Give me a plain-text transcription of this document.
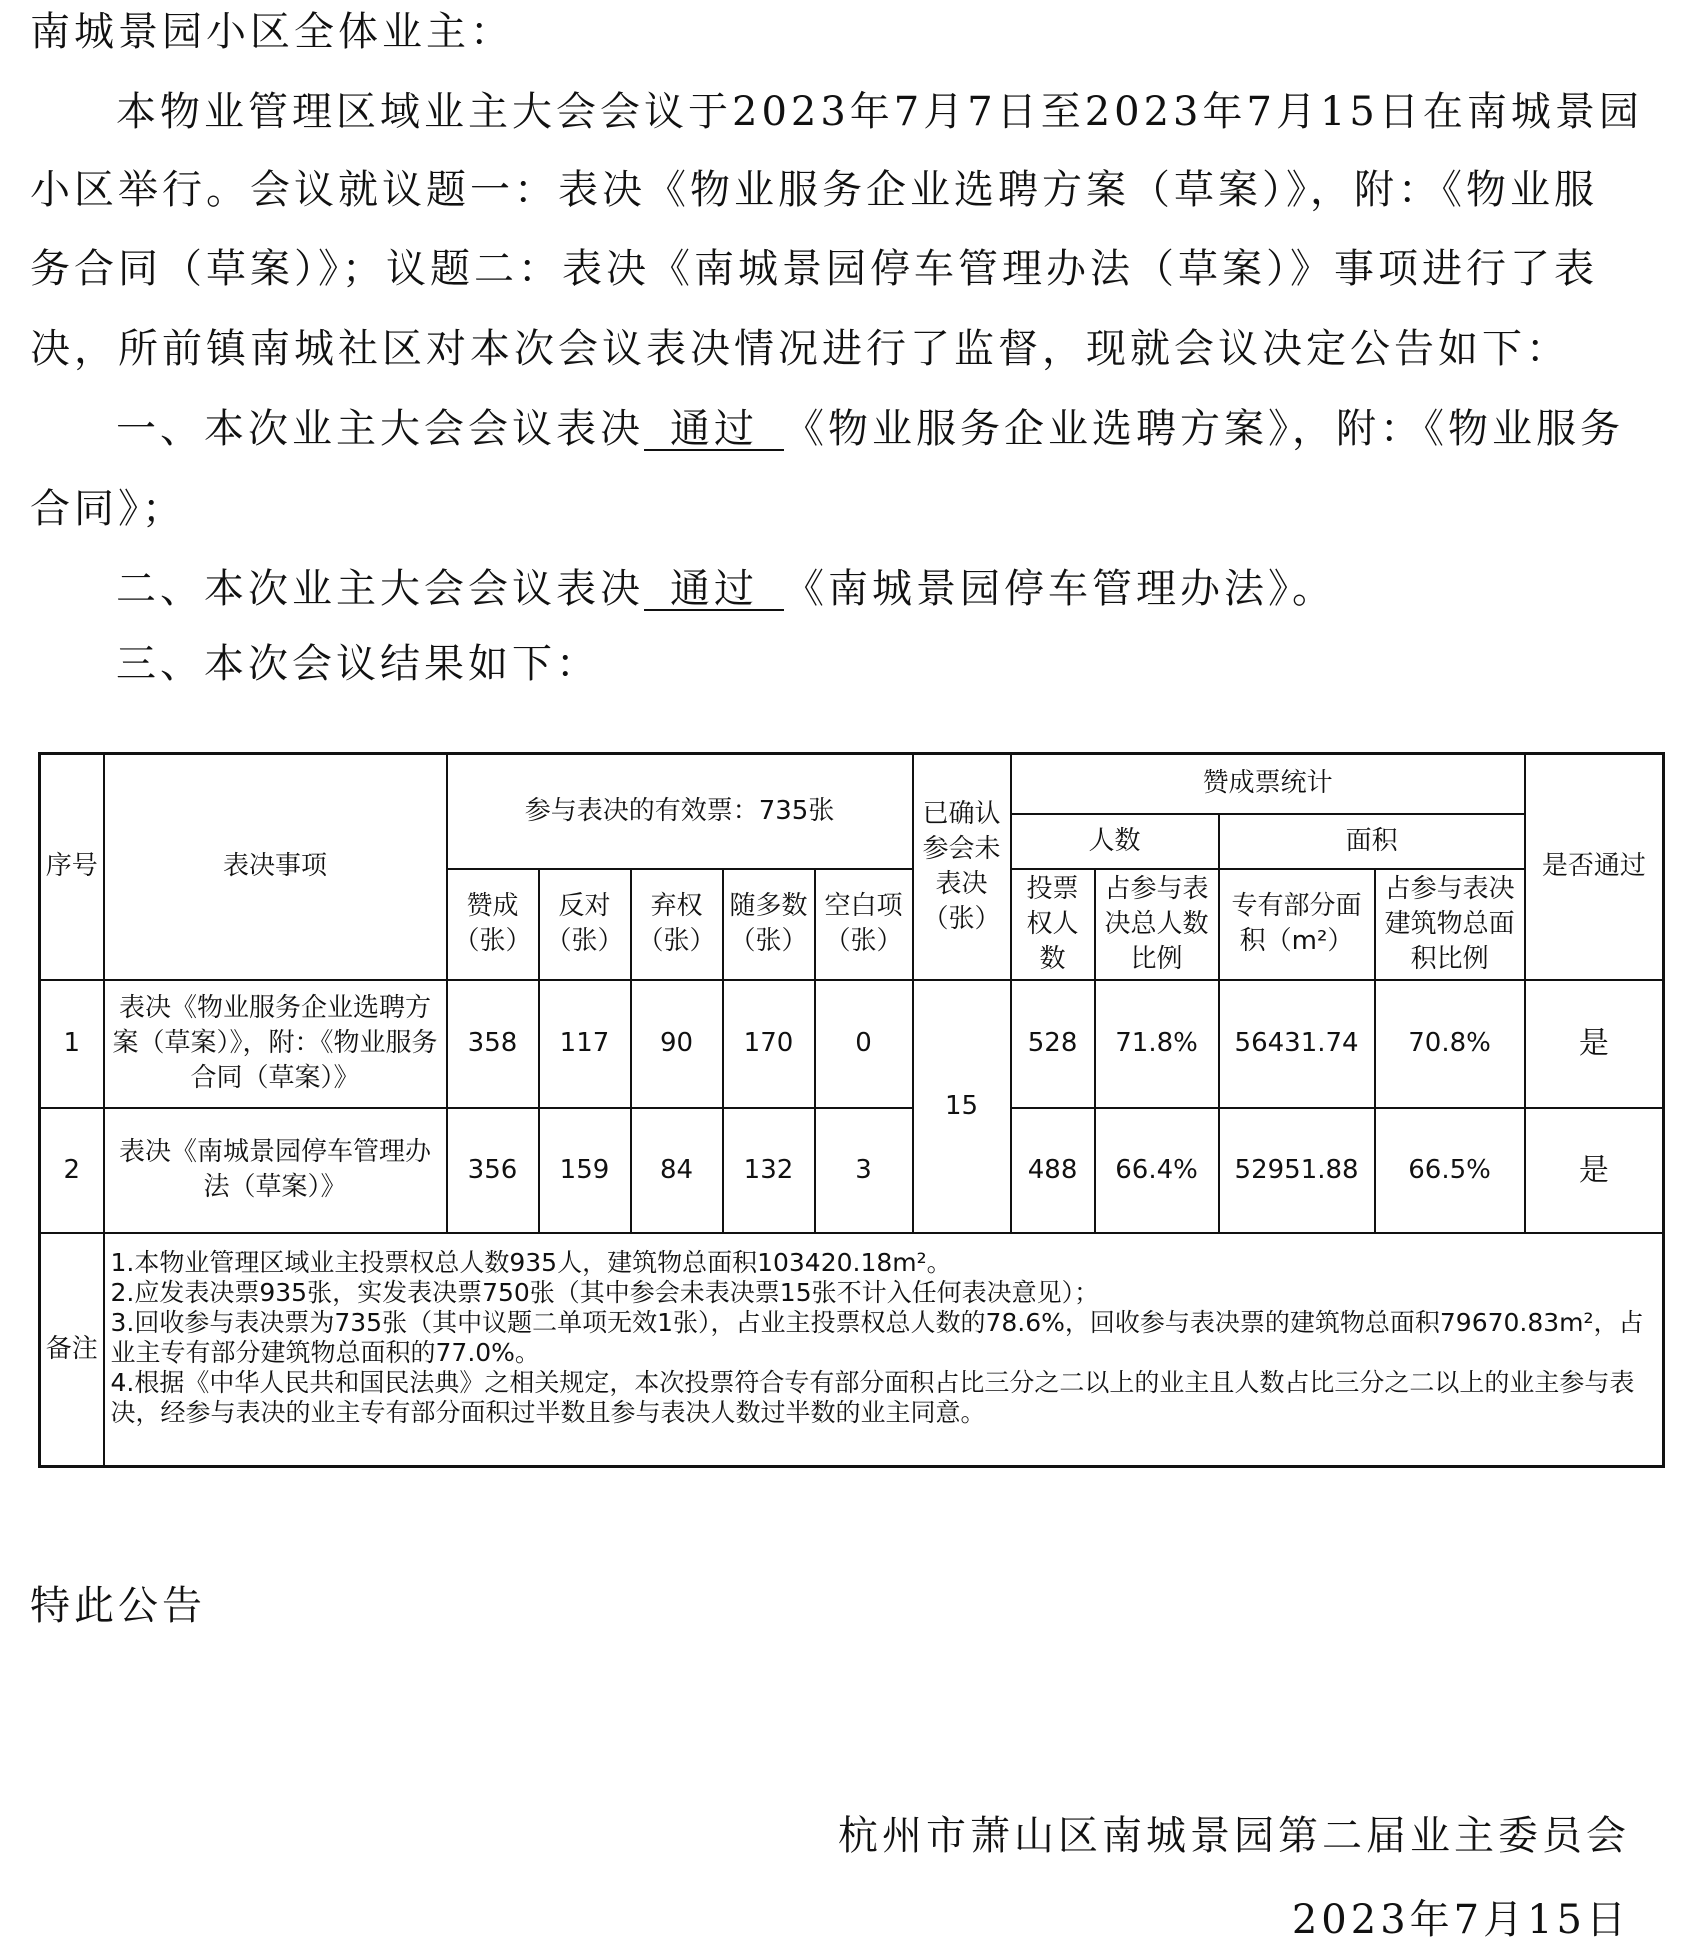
南城景园小区全体业主：
本物业管理区域业主大会会议于2023年7月7日至2023年7月15日在南城景园
小区举行。会议就议题一：表决《物业服务企业选聘方案（草案）》，附：《物业服
务合同（草案）》；议题二：表决《南城景园停车管理办法（草案）》事项进行了表
决，所前镇南城社区对本次会议表决情况进行了监督，现就会议决定公告如下：
一、本次业主大会会议表决 通过 《物业服务企业选聘方案》，附：《物业服务
合同》；
二、本次业主大会会议表决 通过 《南城景园停车管理办法》。
三、本次会议结果如下：
序号	表决事项	参与表决的有效票：735张					已确认参会未表决（张）	赞成票统计				是否通过
								人数		面积		
		赞成（张）	反对（张）	弃权（张）	随多数（张）	空白项（张）		投票权人数	占参与表决总人数比例	专有部分面积（m²）	占参与表决建筑物总面积比例	
1	表决《物业服务企业选聘方案（草案）》，附：《物业服务合同（草案）》	358	117	90	170	0	15	528	71.8%	56431.74	70.8%	是
2	表决《南城景园停车管理办法（草案）》	356	159	84	132	3		488	66.4%	52951.88	66.5%	是
备注	1.本物业管理区域业主投票权总人数935人，建筑物总面积103420.18m²。
2.应发表决票935张，实发表决票750张（其中参会未表决票15张不计入任何表决意见）；
3.回收参与表决票为735张（其中议题二单项无效1张），占业主投票权总人数的78.6%，回收参与表决票的建筑物总面积79670.83m²，占业主专有部分建筑物总面积的77.0%。
4.根据《中华人民共和国民法典》之相关规定，本次投票符合专有部分面积占比三分之二以上的业主且人数占比三分之二以上的业主参与表决，经参与表决的业主专有部分面积过半数且参与表决人数过半数的业主同意。											
特此公告
杭州市萧山区南城景园第二届业主委员会
2023年7月15日
